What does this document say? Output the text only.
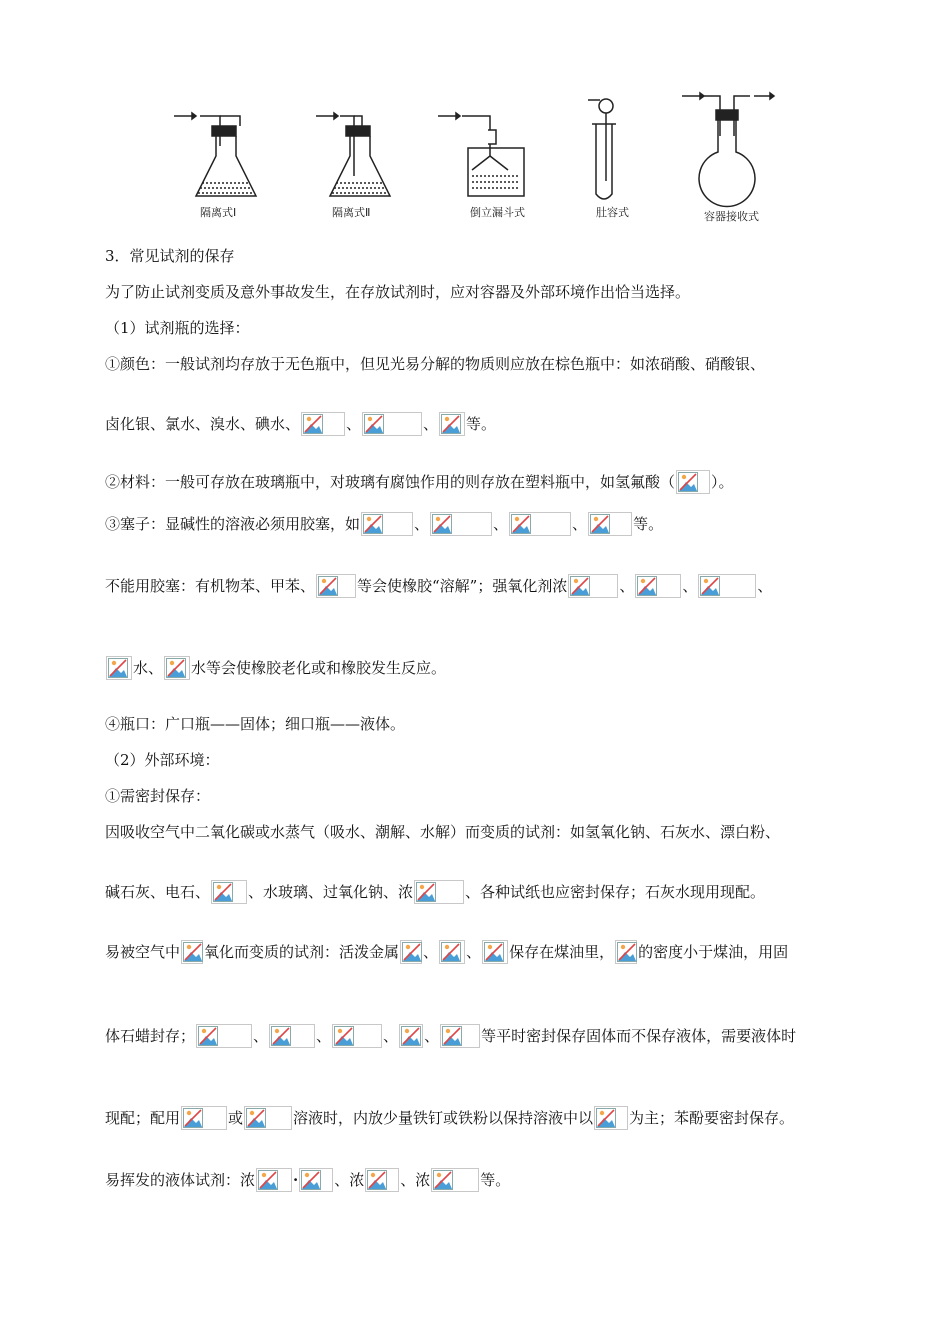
隔离式Ⅰ	隔离式Ⅱ	倒立漏斗式	肚容式	容器接收式
3．常见试剂的保存
为了防止试剂变质及意外事故发生，在存放试剂时，应对容器及外部环境作出恰当选择。
（1）试剂瓶的选择：
①颜色：一般试剂均存放于无色瓶中，但见光易分解的物质则应放在棕色瓶中：如浓硝酸、硝酸银、
卤化银、氯水、溴水、碘水、	、	、 等。
②材料：一般可存放在玻璃瓶中，对玻璃有腐蚀作用的则存放在塑料瓶中，如氢氟酸（ ）。
③塞子：显碱性的溶液必须用胶塞，如	、	、	、	等。
不能用胶塞：有机物苯、甲苯、	等会使橡胶“溶解”；强氧化剂浓	、	、	、
水、 水等会使橡胶老化或和橡胶发生反应。
④瓶口：广口瓶——固体；细口瓶——液体。
（2）外部环境：
①需密封保存：
因吸收空气中二氧化碳或水蒸气（吸水、潮解、水解）而变质的试剂：如氢氧化钠、石灰水、漂白粉、
碱石灰、电石、	、水玻璃、过氧化钠、浓	、各种试纸也应密封保存；石灰水现用现配。
易被空气中 氧化而变质的试剂：活泼金属 、 、 保存在煤油里， 的密度小于煤油，用固
体石蜡封存；	、	、	、 、	等平时密封保存固体而不保存液体，需要液体时
现配；配用	或	溶液时，内放少量铁钉或铁粉以保持溶液中以 为主；苯酚要密封保存。
易挥发的液体试剂：浓	· 、浓 、浓	等。
